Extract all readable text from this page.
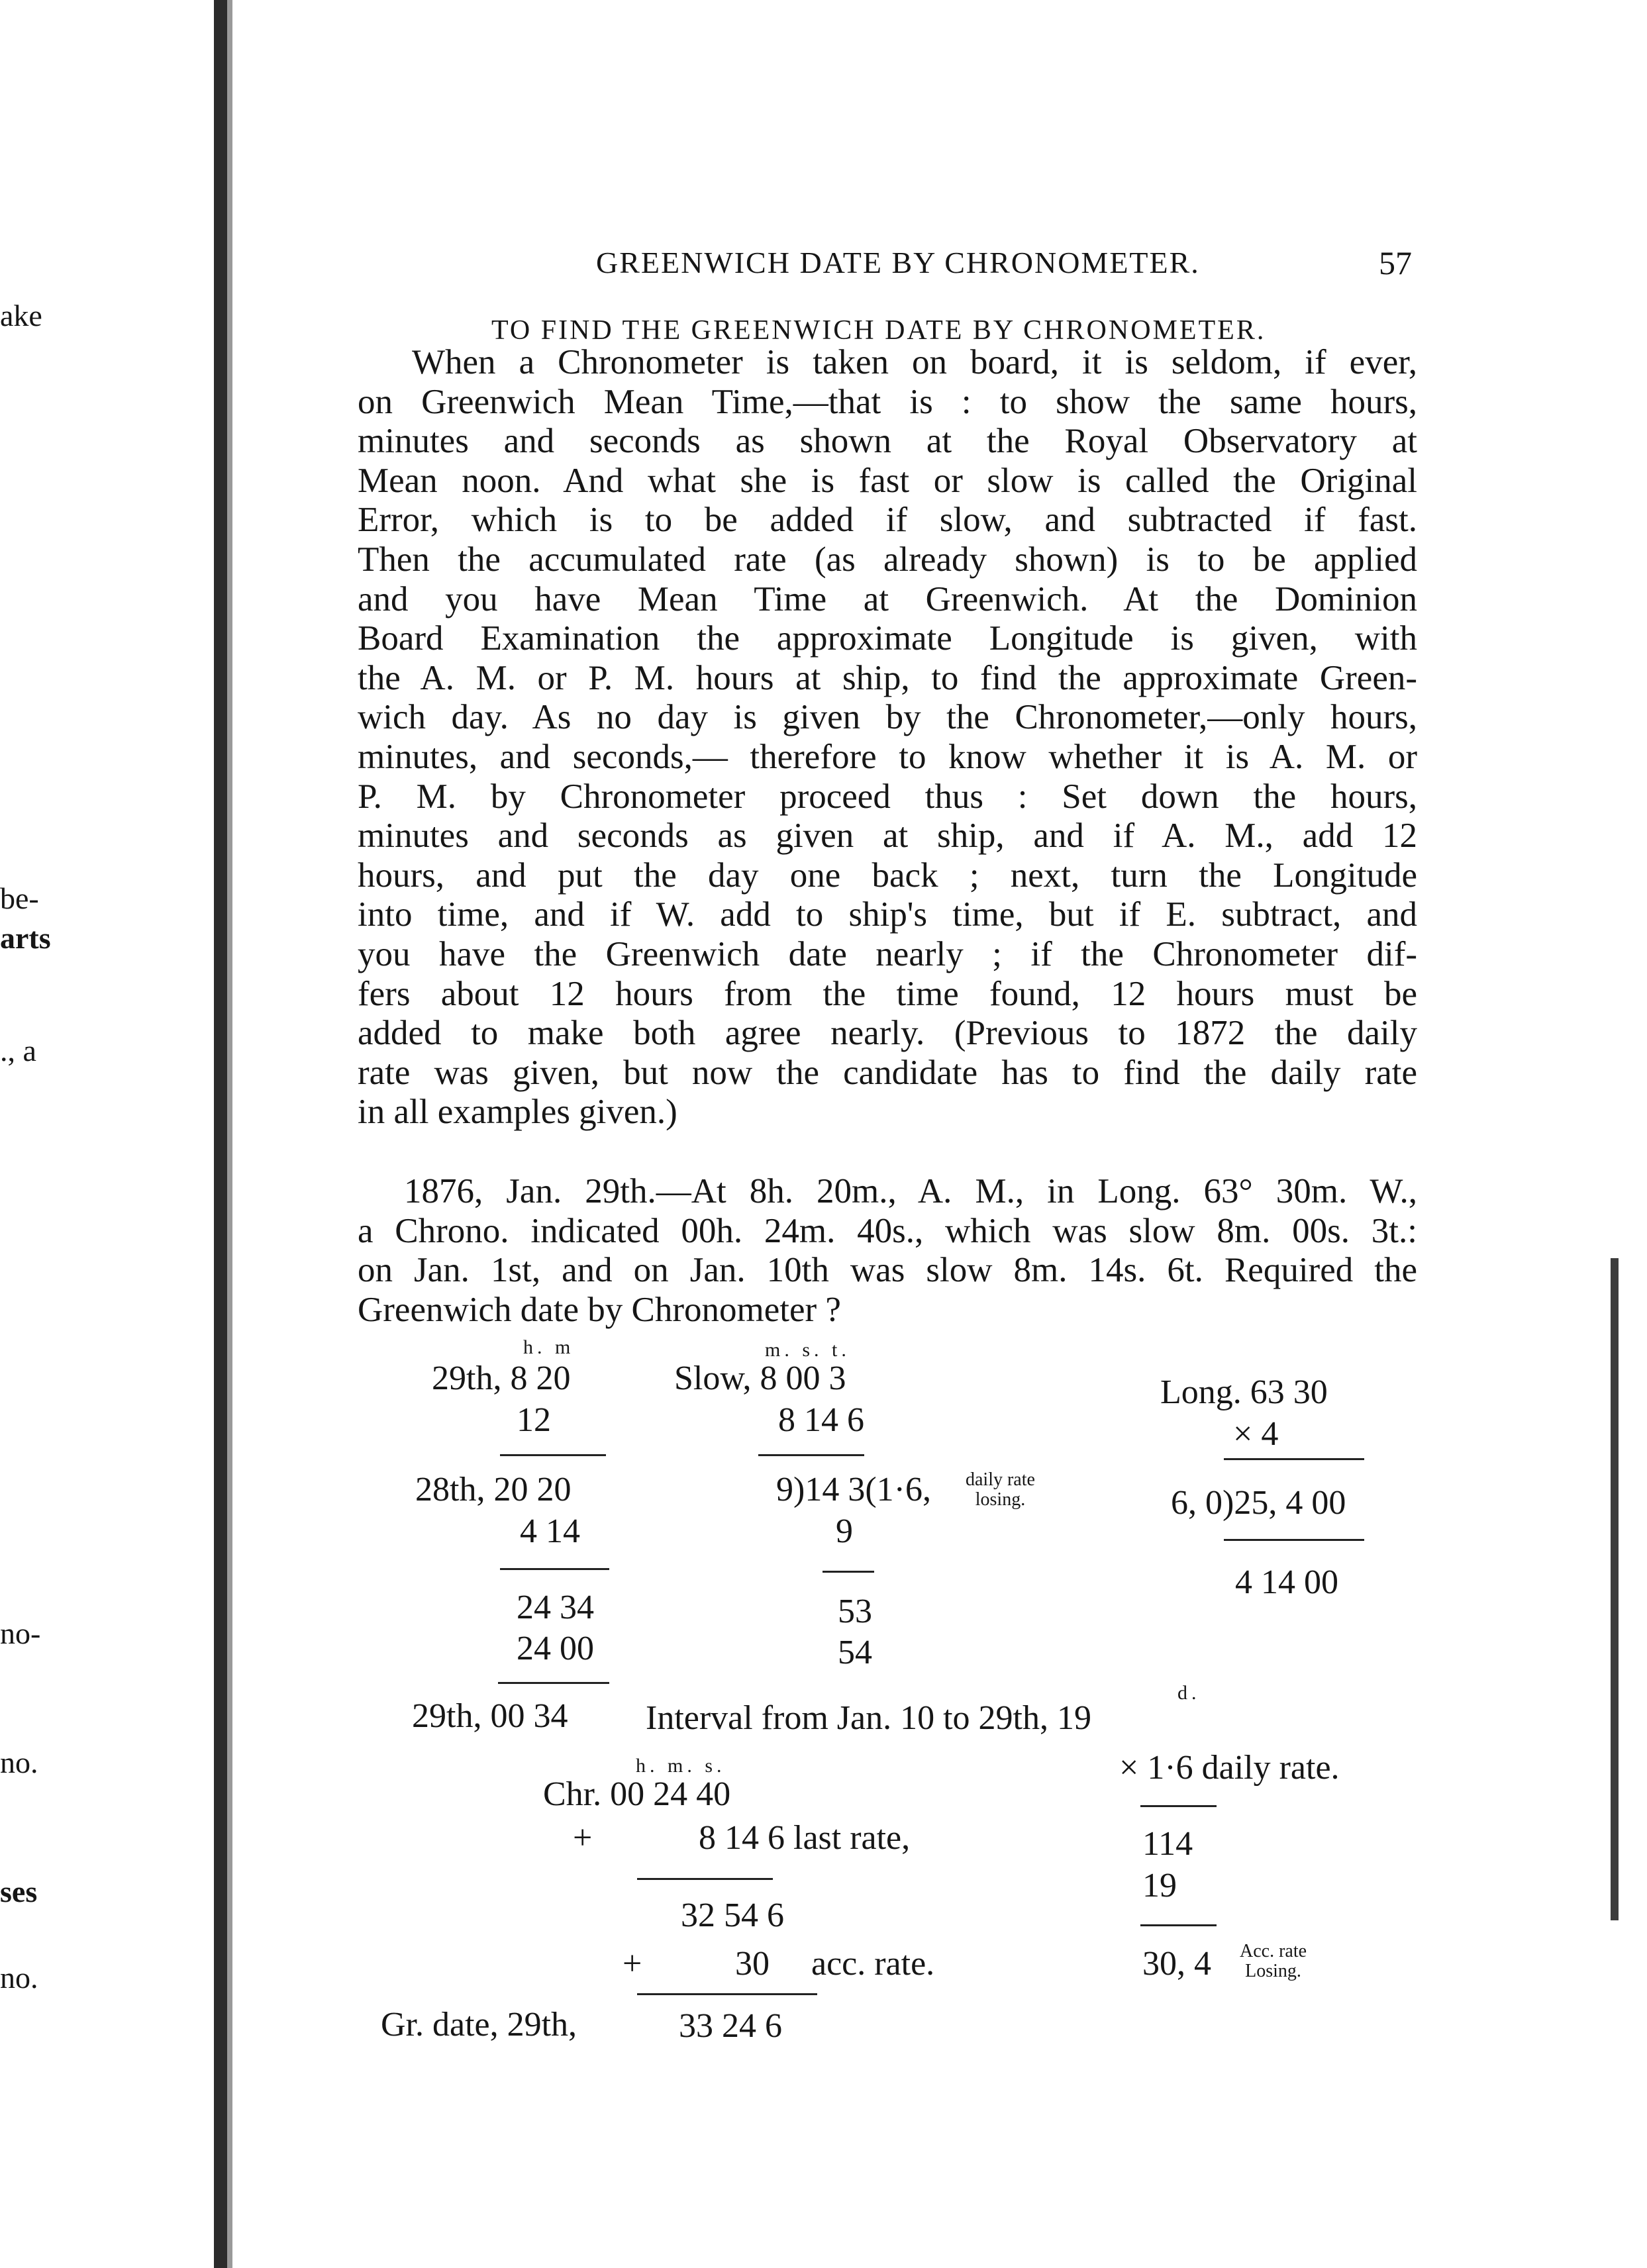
ake
be-
arts
., a
no-
no.
ses
no.
GREENWICH DATE BY CHRONOMETER.	57
TO FIND THE GREENWICH DATE BY CHRONOMETER.
When a Chronometer is taken on board, it is seldom, if ever,
on Greenwich Mean Time,—that is : to show the same hours,
minutes and seconds as shown at the Royal Observatory at
Mean noon. And what she is fast or slow is called the Original
Error, which is to be added if slow, and subtracted if fast.
Then the accumulated rate (as already shown) is to be applied
and you have Mean Time at Greenwich. At the Dominion
Board Examination the approximate Longitude is given, with
the A. M. or P. M. hours at ship, to find the approximate Green-
wich day. As no day is given by the Chronometer,—only hours,
minutes, and seconds,— therefore to know whether it is A. M. or
P. M. by Chronometer proceed thus : Set down the hours,
minutes and seconds as given at ship, and if A. M., add 12
hours, and put the day one back ; next, turn the Longitude
into time, and if W. add to ship's time, but if E. subtract, and
you have the Greenwich date nearly ; if the Chronometer dif-
fers about 12 hours from the time found, 12 hours must be
added to make both agree nearly. (Previous to 1872 the daily
rate was given, but now the candidate has to find the daily rate
in all examples given.)
1876, Jan. 29th.—At 8h. 20m., A. M., in Long. 63° 30m. W.,
a Chrono. indicated 00h. 24m. 40s., which was slow 8m. 00s. 3t.:
on Jan. 1st, and on Jan. 10th was slow 8m. 14s. 6t. Required the
Greenwich date by Chronometer ?
h. m
29th, 8 20
12
28th, 20 20
4 14
24 34
24 00
29th, 00 34
m. s. t.
Slow, 8 00 3
8 14 6
9)14 3(1·6, daily rate
losing.
9
53
54
Long. 63 30
× 4
6, 0)25, 4 00
4 14 00
d.
Interval from Jan. 10 to 29th, 19
× 1·6 daily rate.
114
19
30, 4 Acc. rate
Losing.
h. m. s.
Chr. 00 24 40
+	8 14 6 last rate,
32 54 6
+	30 acc. rate.
Gr. date, 29th,	33 24 6
